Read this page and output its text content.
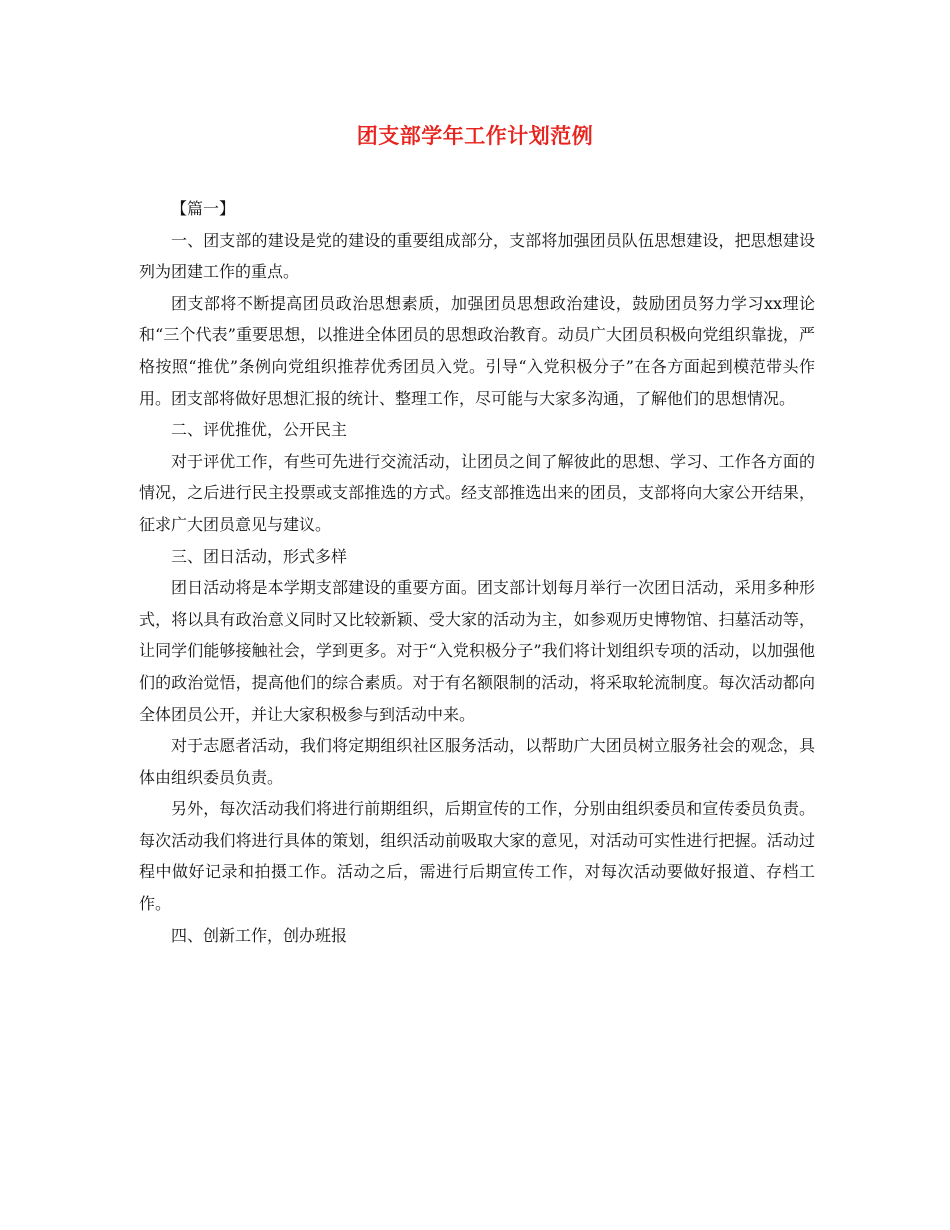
团支部学年工作计划范例

【篇一】

一、团支部的建设是党的建设的重要组成部分，支部将加强团员队伍思想建设，把思想建设列为团建工作的重点。

团支部将不断提高团员政治思想素质，加强团员思想政治建设，鼓励团员努力学习xx理论和“三个代表”重要思想，以推进全体团员的思想政治教育。动员广大团员积极向党组织靠拢，严格按照“推优”条例向党组织推荐优秀团员入党。引导“入党积极分子”在各方面起到模范带头作用。团支部将做好思想汇报的统计、整理工作，尽可能与大家多沟通，了解他们的思想情况。

二、评优推优，公开民主

对于评优工作，有些可先进行交流活动，让团员之间了解彼此的思想、学习、工作各方面的情况，之后进行民主投票或支部推选的方式。经支部推选出来的团员，支部将向大家公开结果，征求广大团员意见与建议。

三、团日活动，形式多样

团日活动将是本学期支部建设的重要方面。团支部计划每月举行一次团日活动，采用多种形式，将以具有政治意义同时又比较新颖、受大家的活动为主，如参观历史博物馆、扫墓活动等，让同学们能够接触社会，学到更多。对于“入党积极分子”我们将计划组织专项的活动，以加强他们的政治觉悟，提高他们的综合素质。对于有名额限制的活动，将采取轮流制度。每次活动都向全体团员公开，并让大家积极参与到活动中来。

对于志愿者活动，我们将定期组织社区服务活动，以帮助广大团员树立服务社会的观念，具体由组织委员负责。

另外，每次活动我们将进行前期组织，后期宣传的工作，分别由组织委员和宣传委员负责。每次活动我们将进行具体的策划，组织活动前吸取大家的意见，对活动可实性进行把握。活动过程中做好记录和拍摄工作。活动之后，需进行后期宣传工作，对每次活动要做好报道、存档工作。

四、创新工作，创办班报
